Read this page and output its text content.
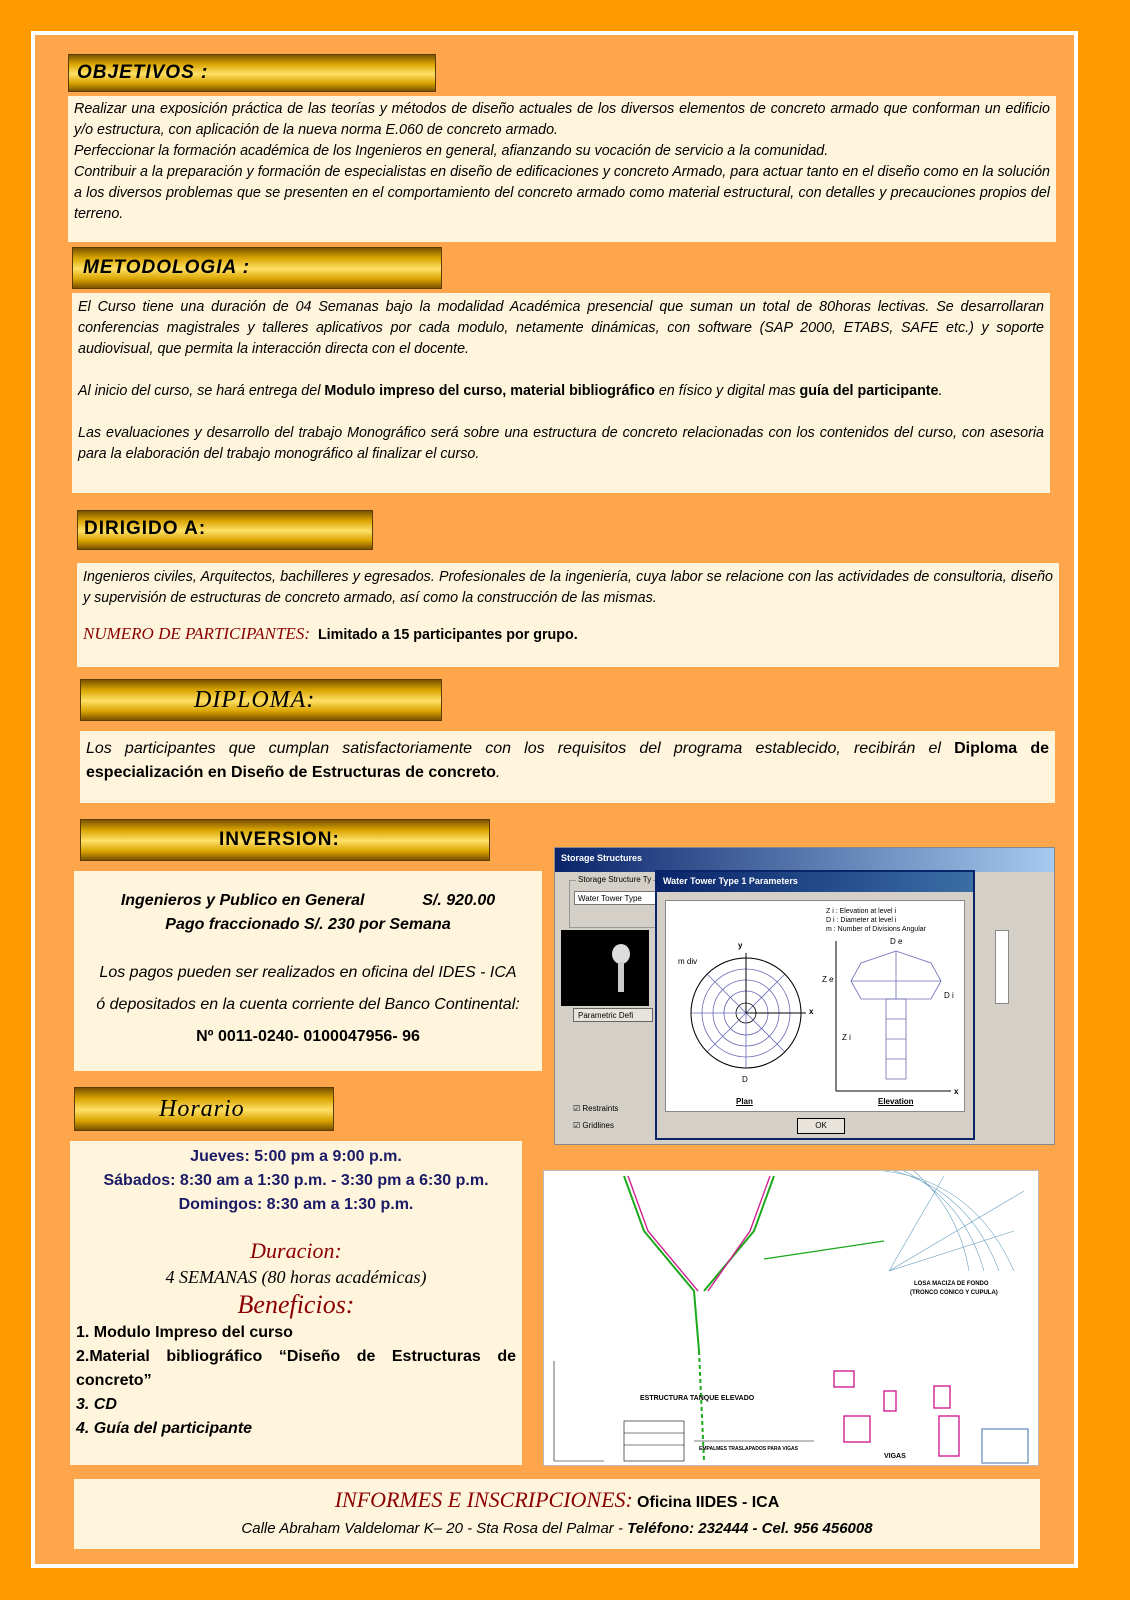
OBJETIVOS :

Realizar una exposición práctica de las teorías y métodos de diseño actuales de los diversos elementos de concreto armado que conforman un edificio y/o estructura, con aplicación de la nueva norma E.060 de concreto armado.

Perfeccionar la formación académica de los Ingenieros en general, afianzando su vocación de servicio a la comunidad.

Contribuir a la preparación y formación de especialistas en diseño de edificaciones y concreto Armado, para actuar tanto en el diseño como en la solución a los diversos problemas que se presenten en el comportamiento del concreto armado como material estructural, con detalles y precauciones propios del terreno.

METODOLOGIA :

El Curso tiene una duración de 04 Semanas bajo la modalidad Académica presencial que suman un total de 80horas lectivas. Se desarrollaran conferencias magistrales y talleres aplicativos por cada modulo, netamente dinámicas, con software (SAP 2000, ETABS, SAFE etc.) y soporte audiovisual, que permita la interacción directa con el docente.

Al inicio del curso, se hará entrega del Modulo impreso del curso, material bibliográfico en físico y digital mas guía del participante.

Las evaluaciones y desarrollo del trabajo Monográfico será sobre una estructura de concreto relacionadas con los contenidos del curso, con asesoria para la elaboración del trabajo monográfico al finalizar el curso.

DIRIGIDO A:

Ingenieros civiles, Arquitectos, bachilleres y egresados. Profesionales de la ingeniería, cuya labor se relacione con las actividades de consultoria, diseño y supervisión de estructuras de concreto armado, así como la construcción de las mismas.

NUMERO DE PARTICIPANTES: Limitado a 15 participantes por grupo.

DIPLOMA:

Los participantes que cumplan satisfactoriamente con los requisitos del programa establecido, recibirán el Diploma de especialización en Diseño de Estructuras de concreto.

INVERSION:

Ingenieros y Publico en General	S/. 920.00

Pago fraccionado S/. 230 por Semana

Los pagos pueden ser realizados en oficina del IDES - ICA

ó depositados en la cuenta corriente del Banco Continental:

Nº 0011-0240- 0100047956- 96

Horario

Jueves: 5:00 pm a 9:00 p.m.

Sábados: 8:30 am a 1:30 p.m. - 3:30 pm a 6:30 p.m.

Domingos: 8:30 am a 1:30 p.m.

Duracion:

4 SEMANAS (80 horas académicas)

Beneficios:

1. Modulo Impreso del curso

2.Material bibliográfico “Diseño de Estructuras de concreto”

3. CD

4. Guía del participante

Storage Structures
Storage Structure Ty
Water Tower Type
Parametric Defi
☑ Restraints
☑ Gridlines
Water Tower Type 1 Parameters
Z i : Elevation at level i
D i : Diameter at level i
m : Number of Divisions Angular
m div
y
x
D
D e
Z e
Z i
D i
x
Plan	Elevation
OK
ESTRUCTURA TANQUE ELEVADO
LOSA MACIZA DE FONDO
(TRONCO CONICO Y CUPULA)
VIGAS
EMPALMES TRASLAPADOS PARA VIGAS

INFORMES E INSCRIPCIONES: Oficina IIDES - ICA

Calle Abraham Valdelomar K– 20 - Sta Rosa del Palmar - Teléfono: 232444 - Cel. 956 456008
